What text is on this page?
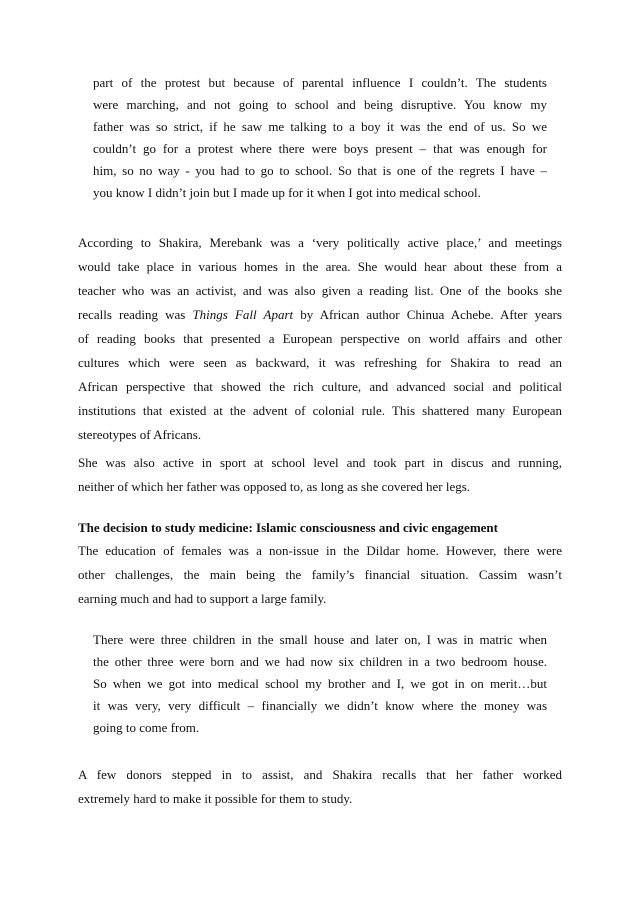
part of the protest but because of parental influence I couldn’t. The students
were marching, and not going to school and being disruptive. You know my
father was so strict, if he saw me talking to a boy it was the end of us. So we
couldn’t go for a protest where there were boys present – that was enough for
him, so no way - you had to go to school. So that is one of the regrets I have –
you know I didn’t join but I made up for it when I got into medical school.
According to Shakira, Merebank was a ‘very politically active place,’ and meetings
would take place in various homes in the area. She would hear about these from a
teacher who was an activist, and was also given a reading list. One of the books she
recalls reading was Things Fall Apart by African author Chinua Achebe. After years
of reading books that presented a European perspective on world affairs and other
cultures which were seen as backward, it was refreshing for Shakira to read an
African perspective that showed the rich culture, and advanced social and political
institutions that existed at the advent of colonial rule. This shattered many European
stereotypes of Africans.
She was also active in sport at school level and took part in discus and running,
neither of which her father was opposed to, as long as she covered her legs.
The decision to study medicine: Islamic consciousness and civic engagement
The education of females was a non-issue in the Dildar home. However, there were
other challenges, the main being the family’s financial situation. Cassim wasn’t
earning much and had to support a large family.
There were three children in the small house and later on, I was in matric when
the other three were born and we had now six children in a two bedroom house.
So when we got into medical school my brother and I, we got in on merit…but
it was very, very difficult – financially we didn’t know where the money was
going to come from.
A few donors stepped in to assist, and Shakira recalls that her father worked
extremely hard to make it possible for them to study.
